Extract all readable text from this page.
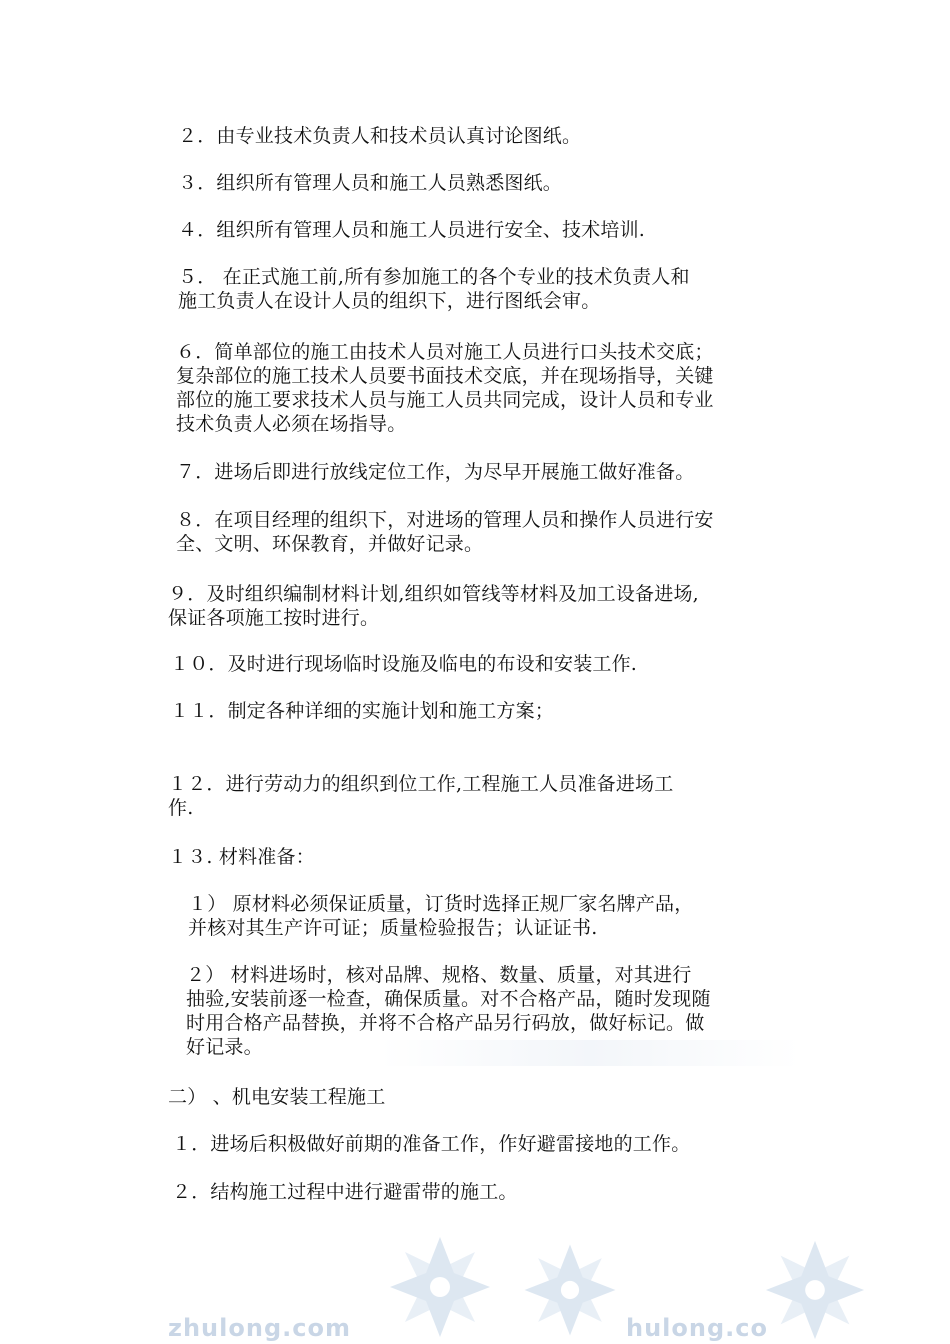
２．由专业技术负责人和技术员认真讨论图纸。

３．组织所有管理人员和施工人员熟悉图纸。

４．组织所有管理人员和施工人员进行安全、技术培训.

５． 在正式施工前,所有参加施工的各个专业的技术负责人和
施工负责人在设计人员的组织下，进行图纸会审。

６．简单部位的施工由技术人员对施工人员进行口头技术交底；
复杂部位的施工技术人员要书面技术交底，并在现场指导，关键
部位的施工要求技术人员与施工人员共同完成，设计人员和专业
技术负责人必须在场指导。

７．进场后即进行放线定位工作，为尽早开展施工做好准备。

８．在项目经理的组织下，对进场的管理人员和操作人员进行安
全、文明、环保教育，并做好记录。

９．及时组织编制材料计划,组织如管线等材料及加工设备进场,
保证各项施工按时进行。

１０．及时进行现场临时设施及临电的布设和安装工作.

１１．制定各种详细的实施计划和施工方案；

１２．进行劳动力的组织到位工作,工程施工人员准备进场工
作.

１３. 材料准备：

１） 原材料必须保证质量，订货时选择正规厂家名牌产品，
并核对其生产许可证；质量检验报告；认证证书.

２） 材料进场时，核对品牌、规格、数量、质量，对其进行
抽验,安装前逐一检查，确保质量。对不合格产品，随时发现随
时用合格产品替换，并将不合格产品另行码放，做好标记。做
好记录。

二） 、机电安装工程施工

１．进场后积极做好前期的准备工作，作好避雷接地的工作。

２．结构施工过程中进行避雷带的施工。

zhulong.com	hulong.co
